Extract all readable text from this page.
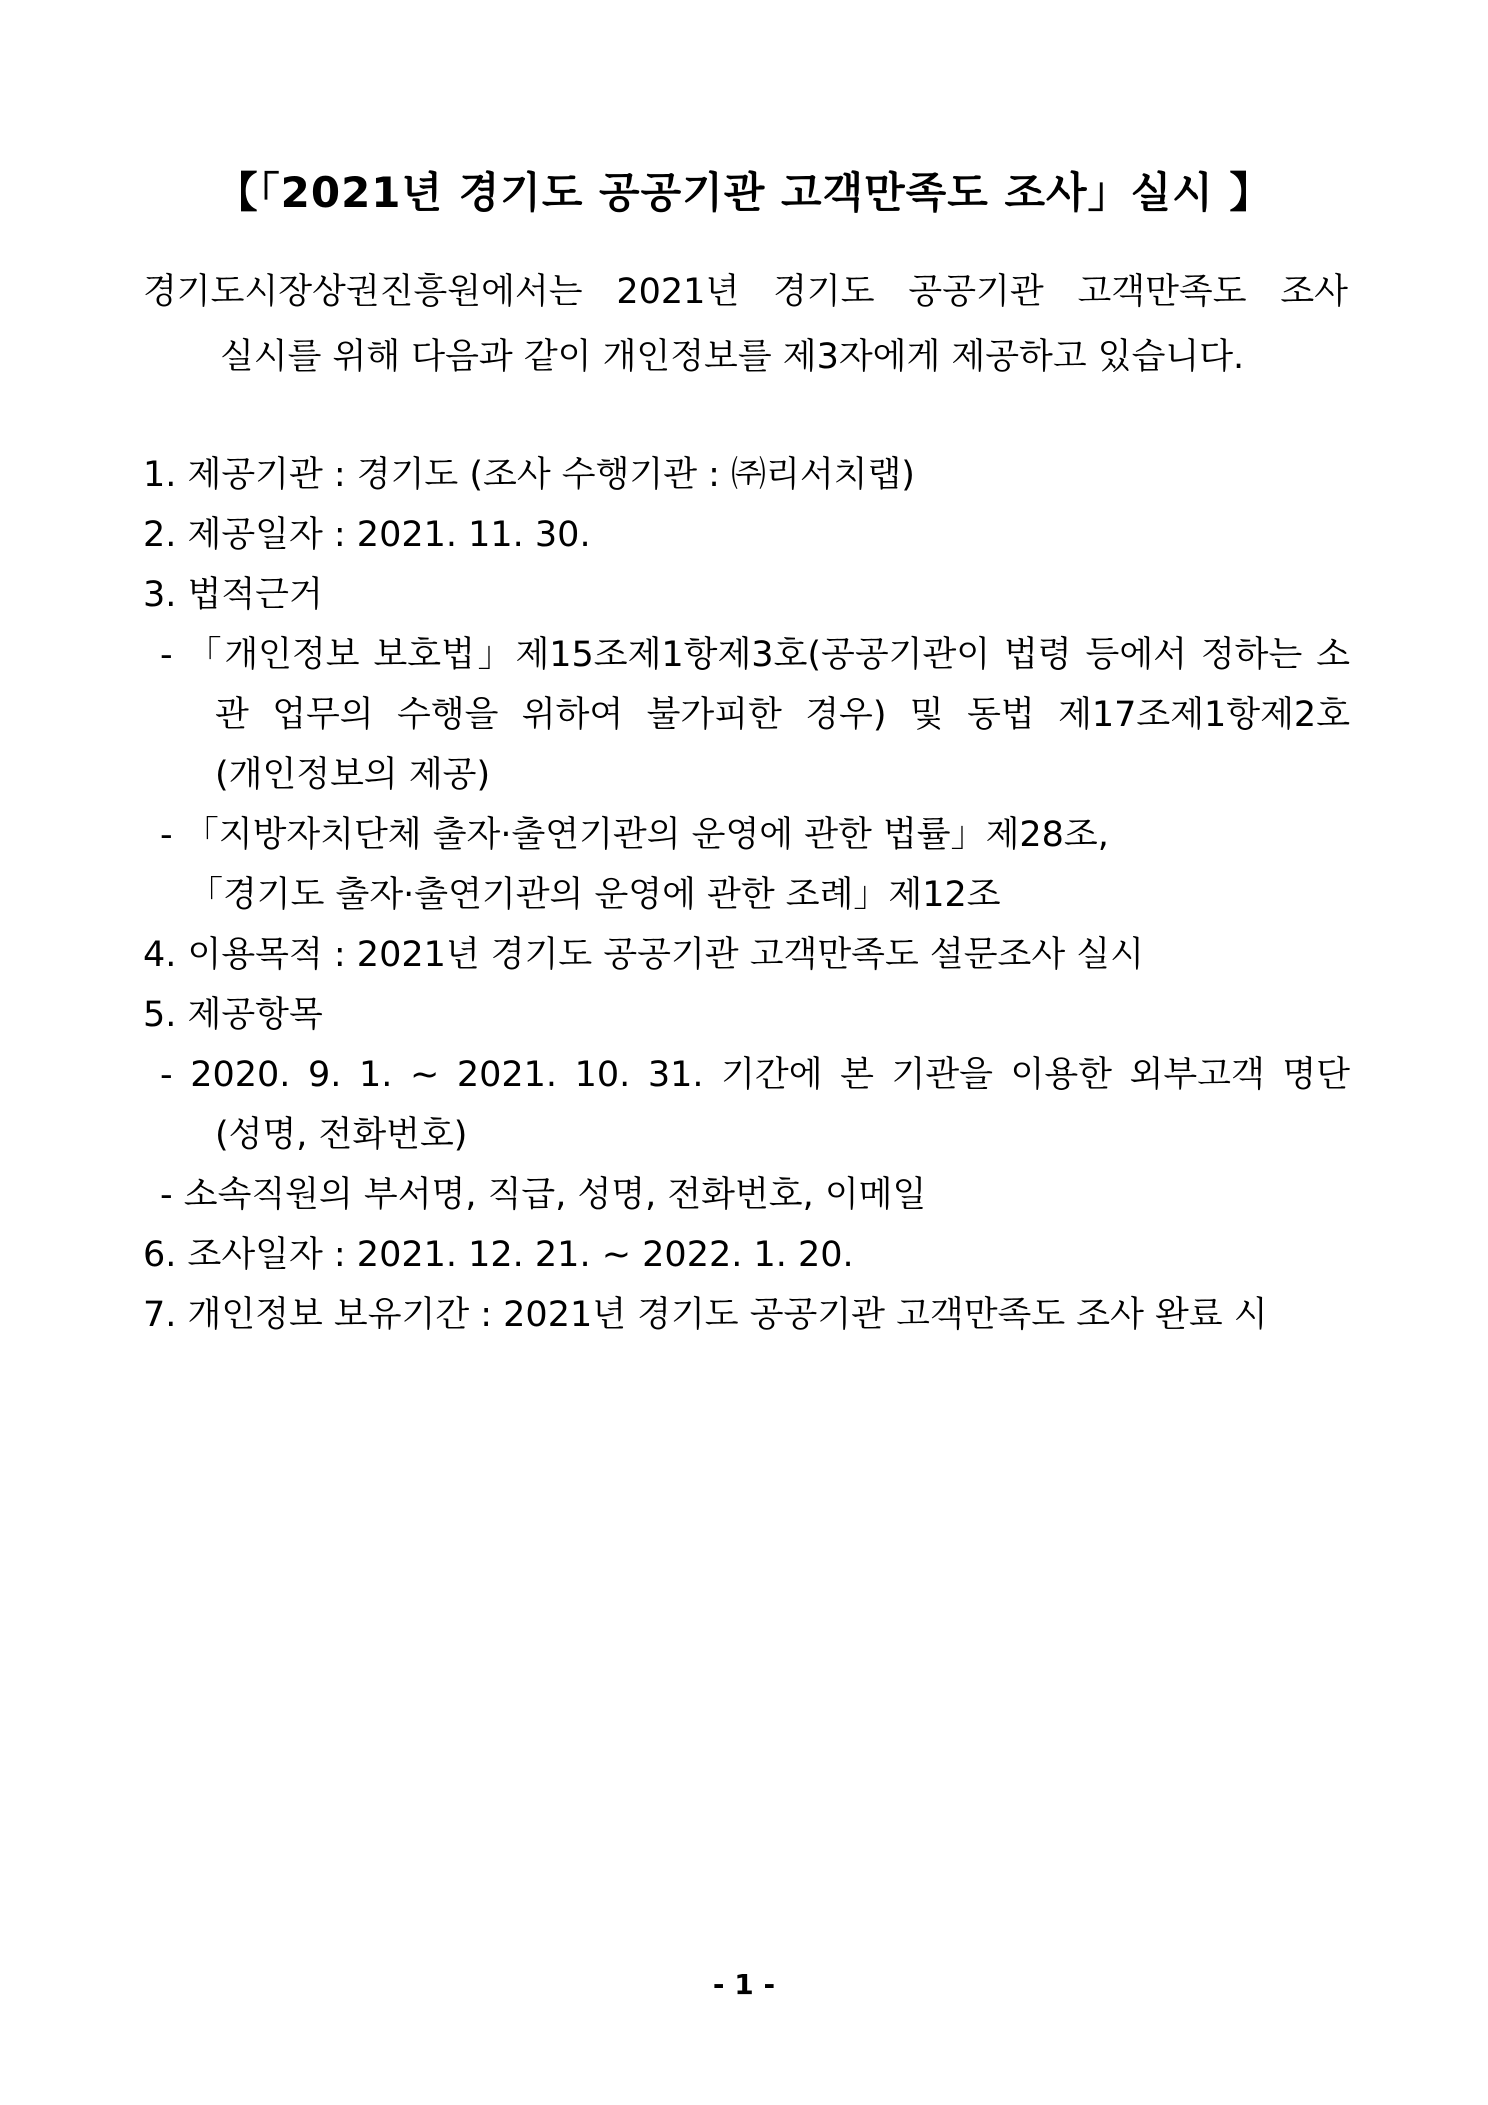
【「2021년 경기도 공공기관 고객만족도 조사」실시 】
경기도시장상권진흥원에서는 2021년 경기도 공공기관 고객만족도 조사
실시를 위해 다음과 같이 개인정보를 제3자에게 제공하고 있습니다.
1. 제공기관 : 경기도 (조사 수행기관 : ㈜리서치랩)
2. 제공일자 : 2021. 11. 30.
3. 법적근거
- 「개인정보 보호법」제15조제1항제3호(공공기관이 법령 등에서 정하는 소
관 업무의 수행을 위하여 불가피한 경우) 및 동법 제17조제1항제2호
(개인정보의 제공)
- 「지방자치단체 출자·출연기관의 운영에 관한 법률」제28조,
「경기도 출자·출연기관의 운영에 관한 조례」제12조
4. 이용목적 : 2021년 경기도 공공기관 고객만족도 설문조사 실시
5. 제공항목
- 2020. 9. 1. ~ 2021. 10. 31. 기간에 본 기관을 이용한 외부고객 명단
(성명, 전화번호)
- 소속직원의 부서명, 직급, 성명, 전화번호, 이메일
6. 조사일자 : 2021. 12. 21. ~ 2022. 1. 20.
7. 개인정보 보유기간 : 2021년 경기도 공공기관 고객만족도 조사 완료 시
- 1 -
